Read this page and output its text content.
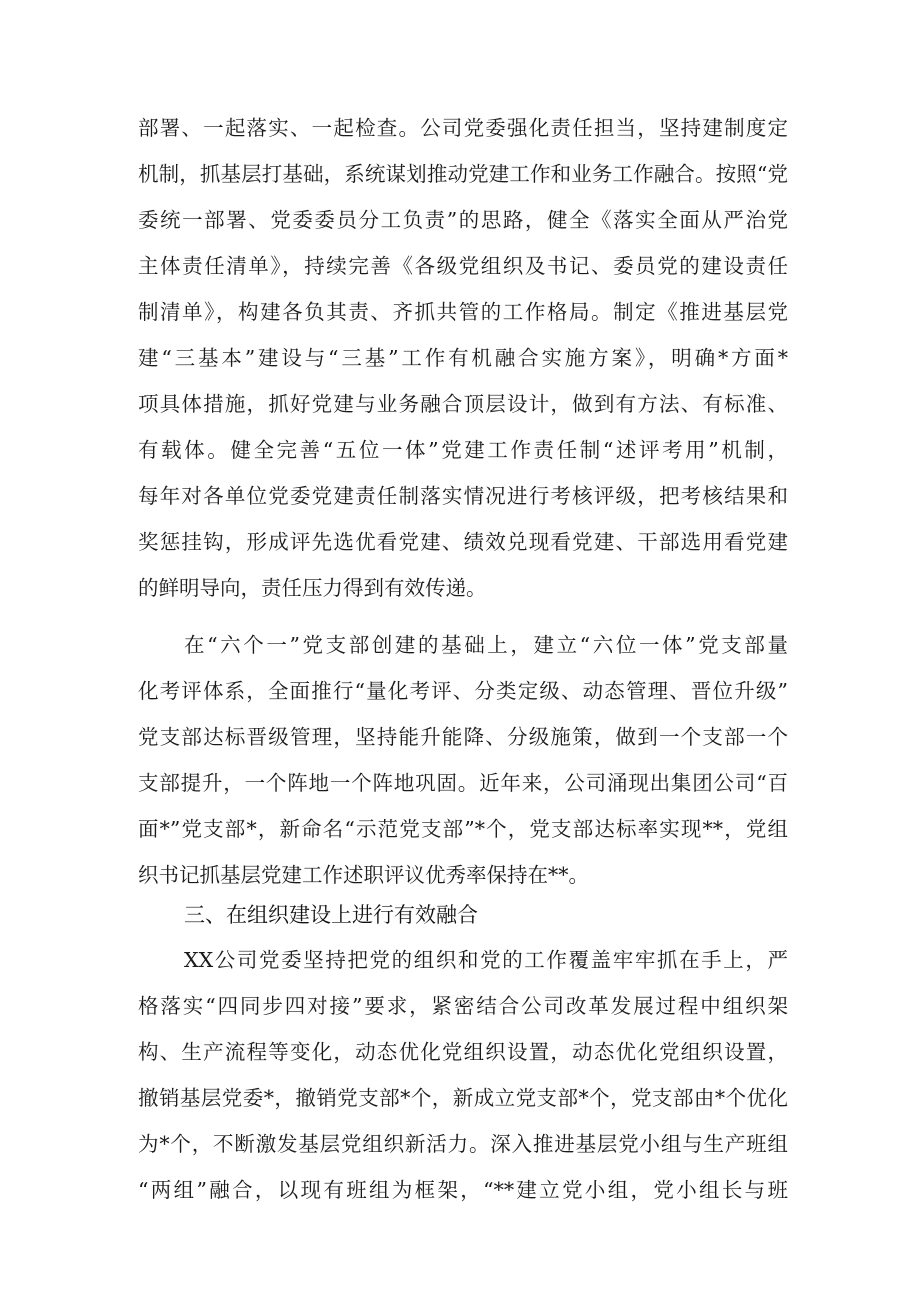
部署、一起落实、一起检查。公司党委强化责任担当，坚持建制度定
机制，抓基层打基础，系统谋划推动党建工作和业务工作融合。按照“党
委统一部署、党委委员分工负责”的思路，健全《落实全面从严治党
主体责任清单》，持续完善《各级党组织及书记、委员党的建设责任
制清单》，构建各负其责、齐抓共管的工作格局。制定《推进基层党
建“三基本”建设与“三基”工作有机融合实施方案》，明确*方面*
项具体措施，抓好党建与业务融合顶层设计，做到有方法、有标准、
有载体。健全完善“五位一体”党建工作责任制“述评考用”机制，
每年对各单位党委党建责任制落实情况进行考核评级，把考核结果和
奖惩挂钩，形成评先选优看党建、绩效兑现看党建、干部选用看党建
的鲜明导向，责任压力得到有效传递。
在“六个一”党支部创建的基础上，建立“六位一体”党支部量
化考评体系，全面推行“量化考评、分类定级、动态管理、晋位升级”
党支部达标晋级管理，坚持能升能降、分级施策，做到一个支部一个
支部提升，一个阵地一个阵地巩固。近年来，公司涌现出集团公司“百
面*”党支部*，新命名“示范党支部”*个，党支部达标率实现**，党组
织书记抓基层党建工作述职评议优秀率保持在**。
三、在组织建设上进行有效融合
XX公司党委坚持把党的组织和党的工作覆盖牢牢抓在手上，严
格落实“四同步四对接”要求，紧密结合公司改革发展过程中组织架
构、生产流程等变化，动态优化党组织设置，动态优化党组织设置，
撤销基层党委*，撤销党支部*个，新成立党支部*个，党支部由*个优化
为*个，不断激发基层党组织新活力。深入推进基层党小组与生产班组
“两组”融合，以现有班组为框架，“**建立党小组，党小组长与班
